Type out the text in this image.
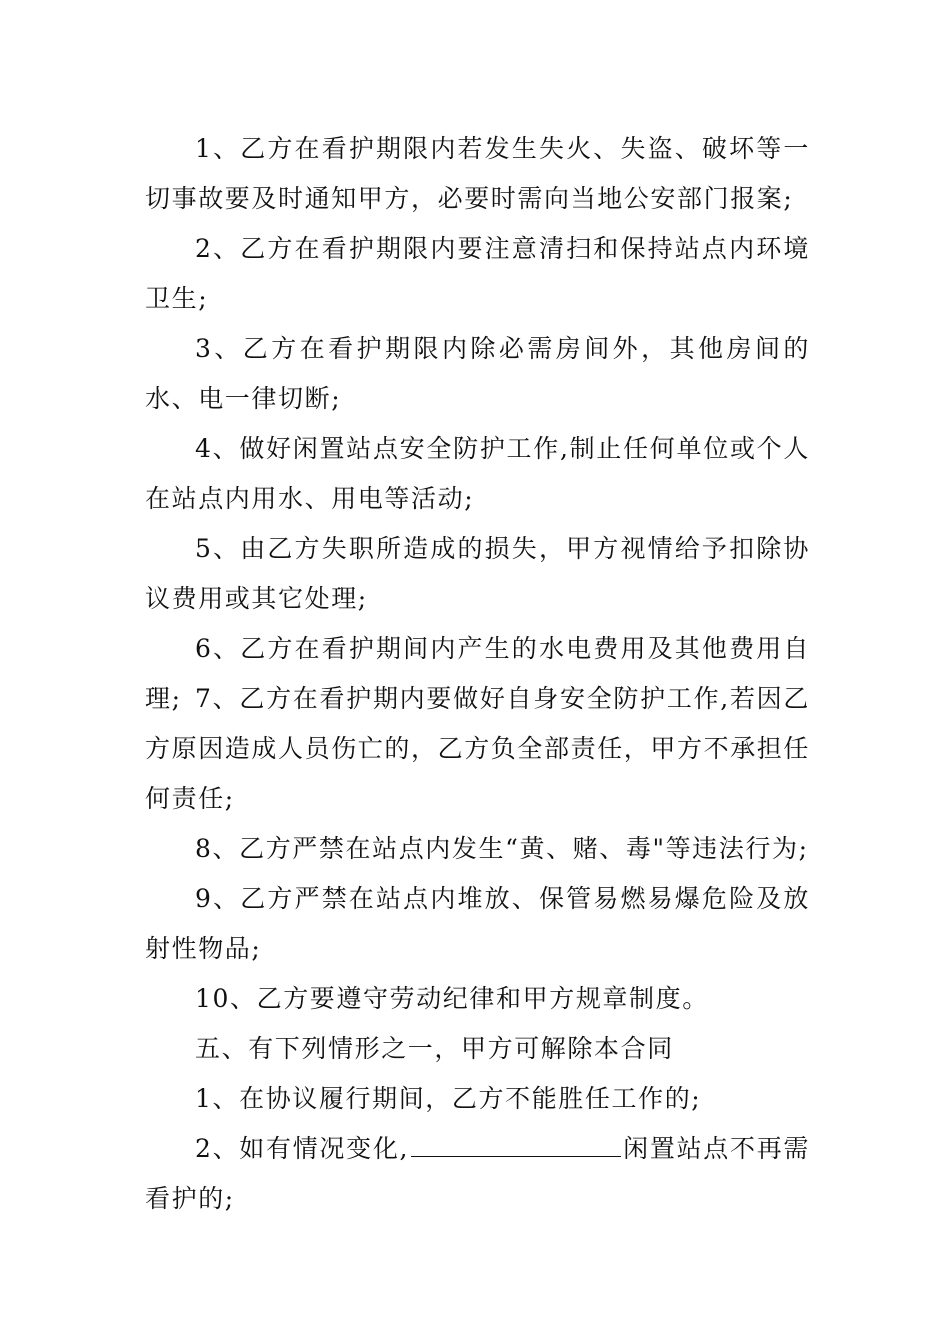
1、乙方在看护期限内若发生失火、失盗、破坏等一切事故要及时通知甲方，必要时需向当地公安部门报案;

2、乙方在看护期限内要注意清扫和保持站点内环境卫生;

3、乙方在看护期限内除必需房间外，其他房间的水、电一律切断;

4、做好闲置站点安全防护工作,制止任何单位或个人在站点内用水、用电等活动;

5、由乙方失职所造成的损失，甲方视情给予扣除协议费用或其它处理;

6、乙方在看护期间内产生的水电费用及其他费用自理; 7、乙方在看护期内要做好自身安全防护工作,若因乙方原因造成人员伤亡的，乙方负全部责任，甲方不承担任何责任;

8、乙方严禁在站点内发生“黄、赌、毒"等违法行为;

9、乙方严禁在站点内堆放、保管易燃易爆危险及放射性物品;

10、乙方要遵守劳动纪律和甲方规章制度。

五、有下列情形之一，甲方可解除本合同

1、在协议履行期间，乙方不能胜任工作的;

2、如有情况变化,	闲置站点不再需看护的;
